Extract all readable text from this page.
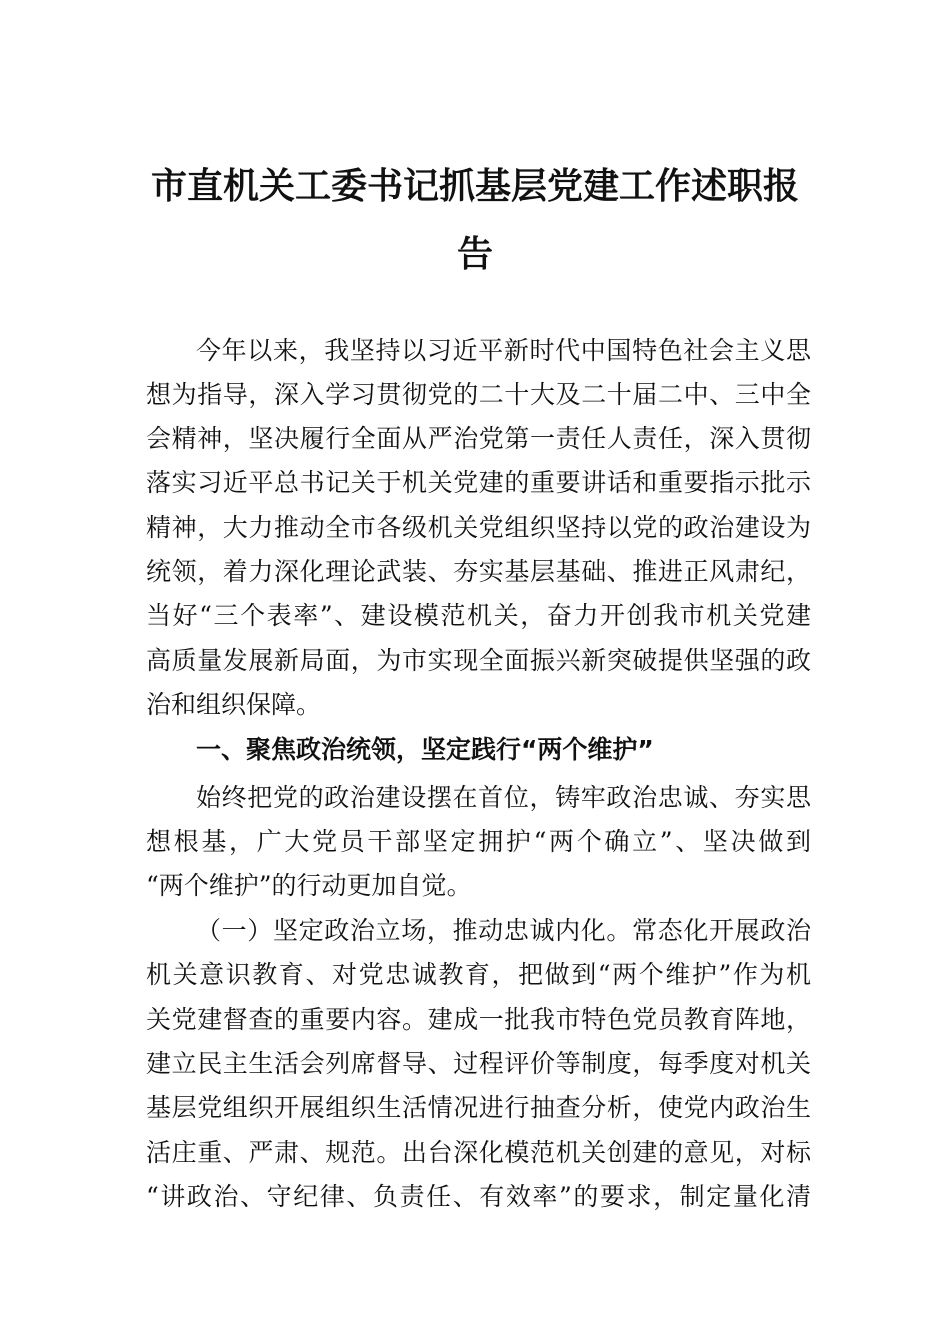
市直机关工委书记抓基层党建工作述职报
告
今年以来，我坚持以习近平新时代中国特色社会主义思
想为指导，深入学习贯彻党的二十大及二十届二中、三中全
会精神，坚决履行全面从严治党第一责任人责任，深入贯彻
落实习近平总书记关于机关党建的重要讲话和重要指示批示
精神，大力推动全市各级机关党组织坚持以党的政治建设为
统领，着力深化理论武装、夯实基层基础、推进正风肃纪，
当好“三个表率”、建设模范机关，奋力开创我市机关党建
高质量发展新局面，为市实现全面振兴新突破提供坚强的政
治和组织保障。
一、聚焦政治统领，坚定践行“两个维护”
始终把党的政治建设摆在首位，铸牢政治忠诚、夯实思
想根基，广大党员干部坚定拥护“两个确立”、坚决做到
“两个维护”的行动更加自觉。
（一）坚定政治立场，推动忠诚内化。常态化开展政治
机关意识教育、对党忠诚教育，把做到“两个维护”作为机
关党建督查的重要内容。建成一批我市特色党员教育阵地，
建立民主生活会列席督导、过程评价等制度，每季度对机关
基层党组织开展组织生活情况进行抽查分析，使党内政治生
活庄重、严肃、规范。出台深化模范机关创建的意见，对标
“讲政治、守纪律、负责任、有效率”的要求，制定量化清
